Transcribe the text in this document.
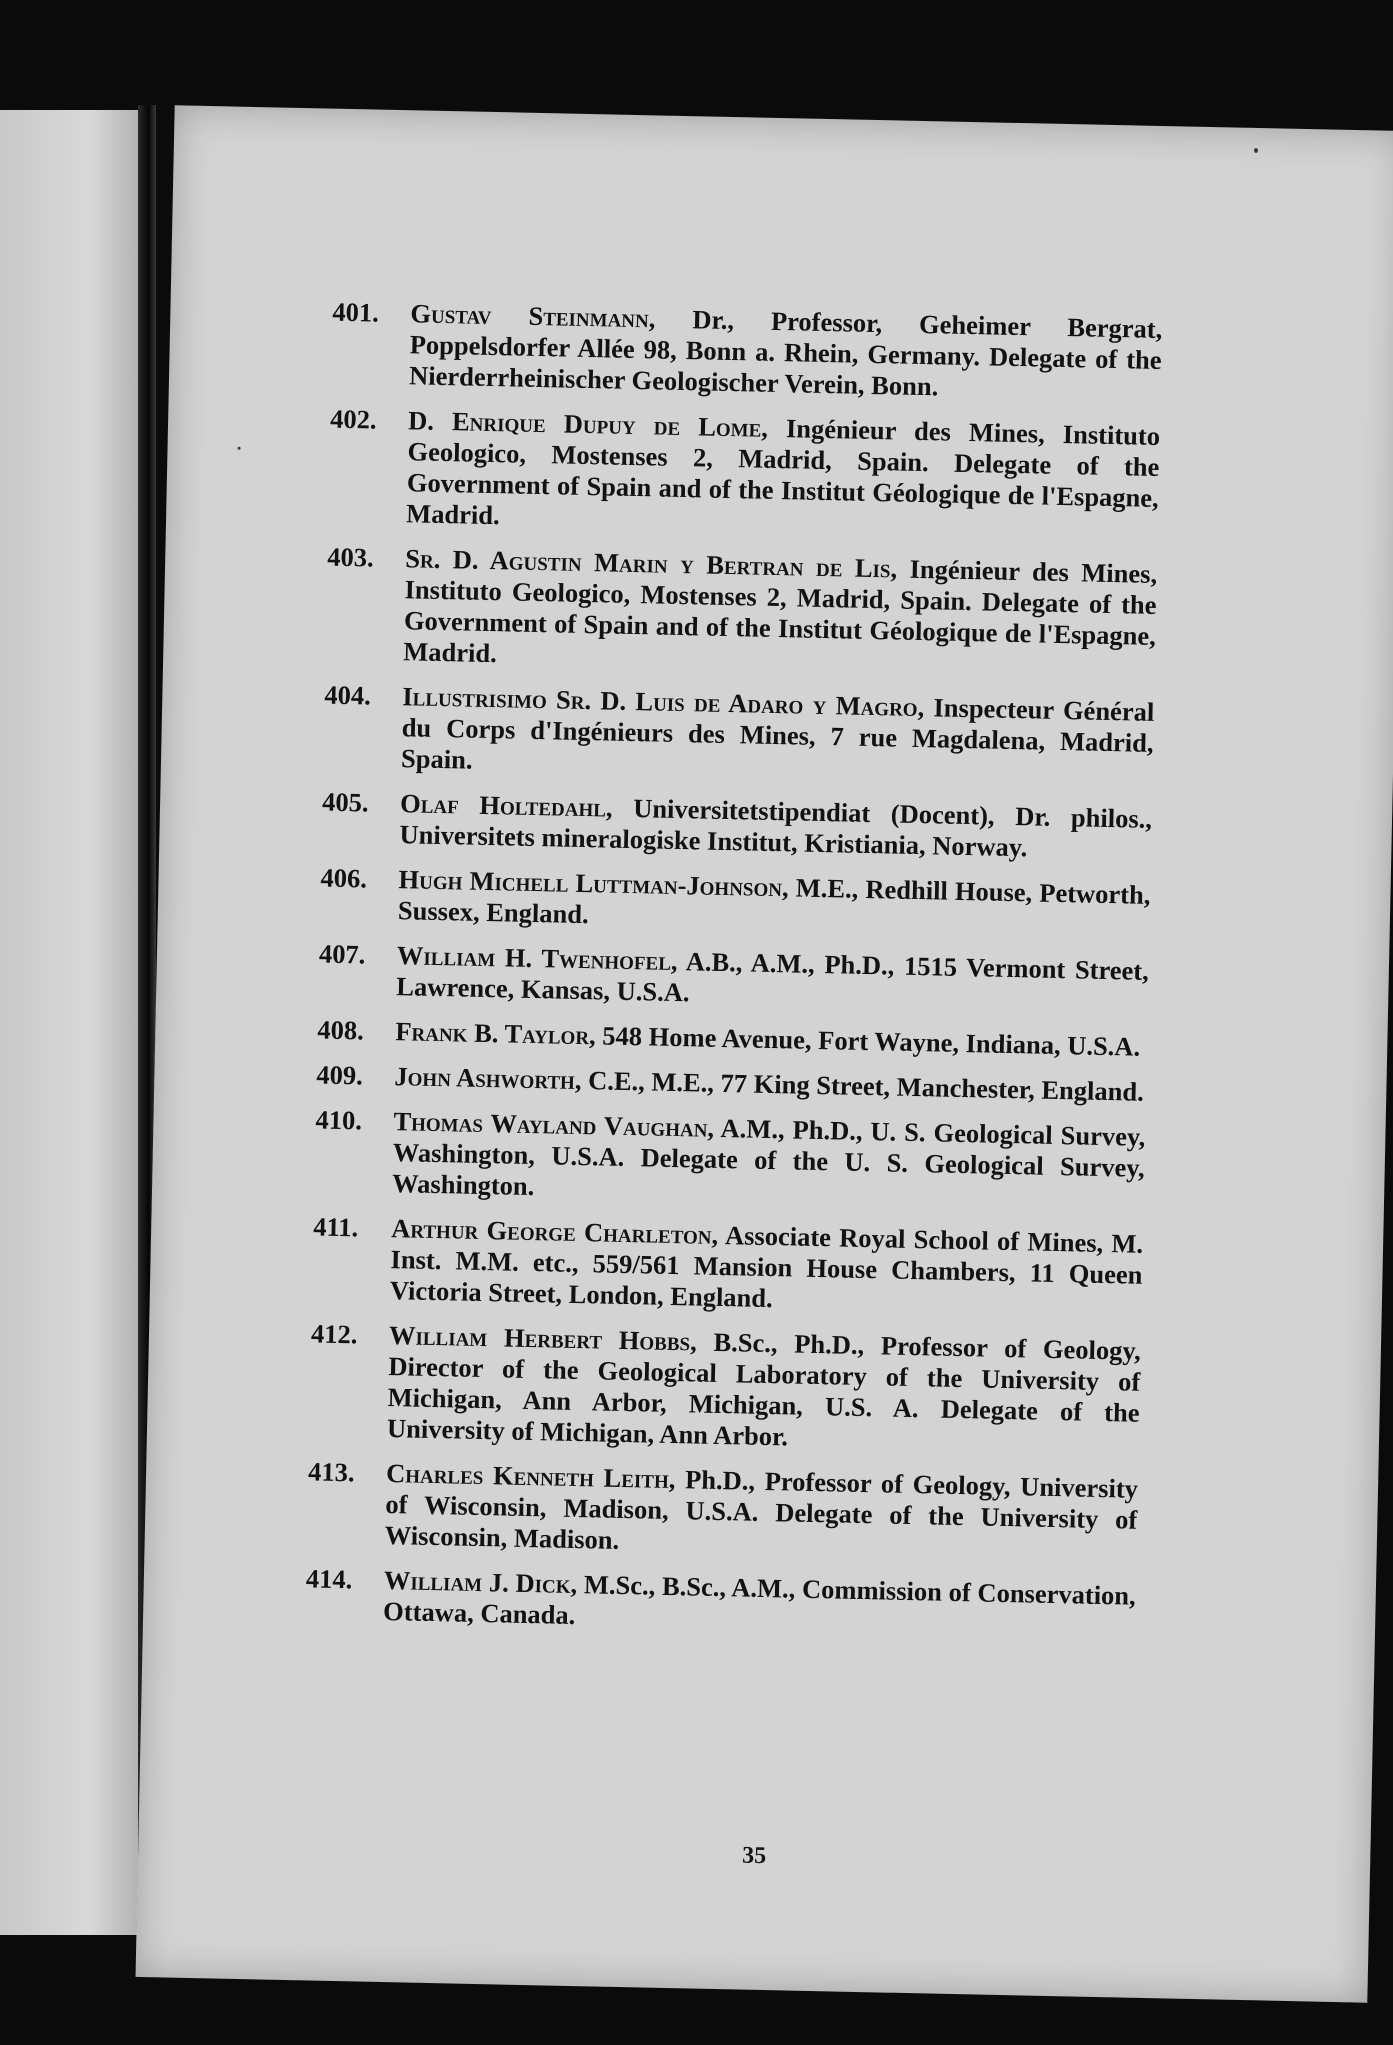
401. Gustav Steinmann, Dr., Professor, Geheimer Bergrat, Poppelsdorfer Allée 98, Bonn a. Rhein, Germany. Delegate of the Nierderrheinischer Geologischer Verein, Bonn.
402. D. Enrique Dupuy de Lome, Ingénieur des Mines, Instituto Geologico, Mostenses 2, Madrid, Spain. Delegate of the Government of Spain and of the Institut Géologique de l'Espagne, Madrid.
403. Sr. D. Agustin Marin y Bertran de Lis, Ingénieur des Mines, Instituto Geologico, Mostenses 2, Madrid, Spain. Delegate of the Government of Spain and of the Institut Géologique de l'Espagne, Madrid.
404. Illustrisimo Sr. D. Luis de Adaro y Magro, Inspecteur Général du Corps d'Ingénieurs des Mines, 7 rue Magdalena, Madrid, Spain.
405. Olaf Holtedahl, Universitetstipendiat (Docent), Dr. philos., Universitets mineralogiske Institut, Kristiania, Norway.
406. Hugh Michell Luttman-Johnson, M.E., Redhill House, Petworth, Sussex, England.
407. William H. Twenhofel, A.B., A.M., Ph.D., 1515 Vermont Street, Lawrence, Kansas, U.S.A.
408. Frank B. Taylor, 548 Home Avenue, Fort Wayne, Indiana, U.S.A.
409. John Ashworth, C.E., M.E., 77 King Street, Manchester, England.
410. Thomas Wayland Vaughan, A.M., Ph.D., U. S. Geological Survey, Washington, U.S.A. Delegate of the U. S. Geological Survey, Washington.
411. Arthur George Charleton, Associate Royal School of Mines, M. Inst. M.M. etc., 559/561 Mansion House Chambers, 11 Queen Victoria Street, London, England.
412. William Herbert Hobbs, B.Sc., Ph.D., Professor of Geology, Director of the Geological Laboratory of the University of Michigan, Ann Arbor, Michigan, U.S. A. Delegate of the University of Michigan, Ann Arbor.
413. Charles Kenneth Leith, Ph.D., Professor of Geology, University of Wisconsin, Madison, U.S.A. Delegate of the University of Wisconsin, Madison.
414. William J. Dick, M.Sc., B.Sc., A.M., Commission of Conservation, Ottawa, Canada.
35
